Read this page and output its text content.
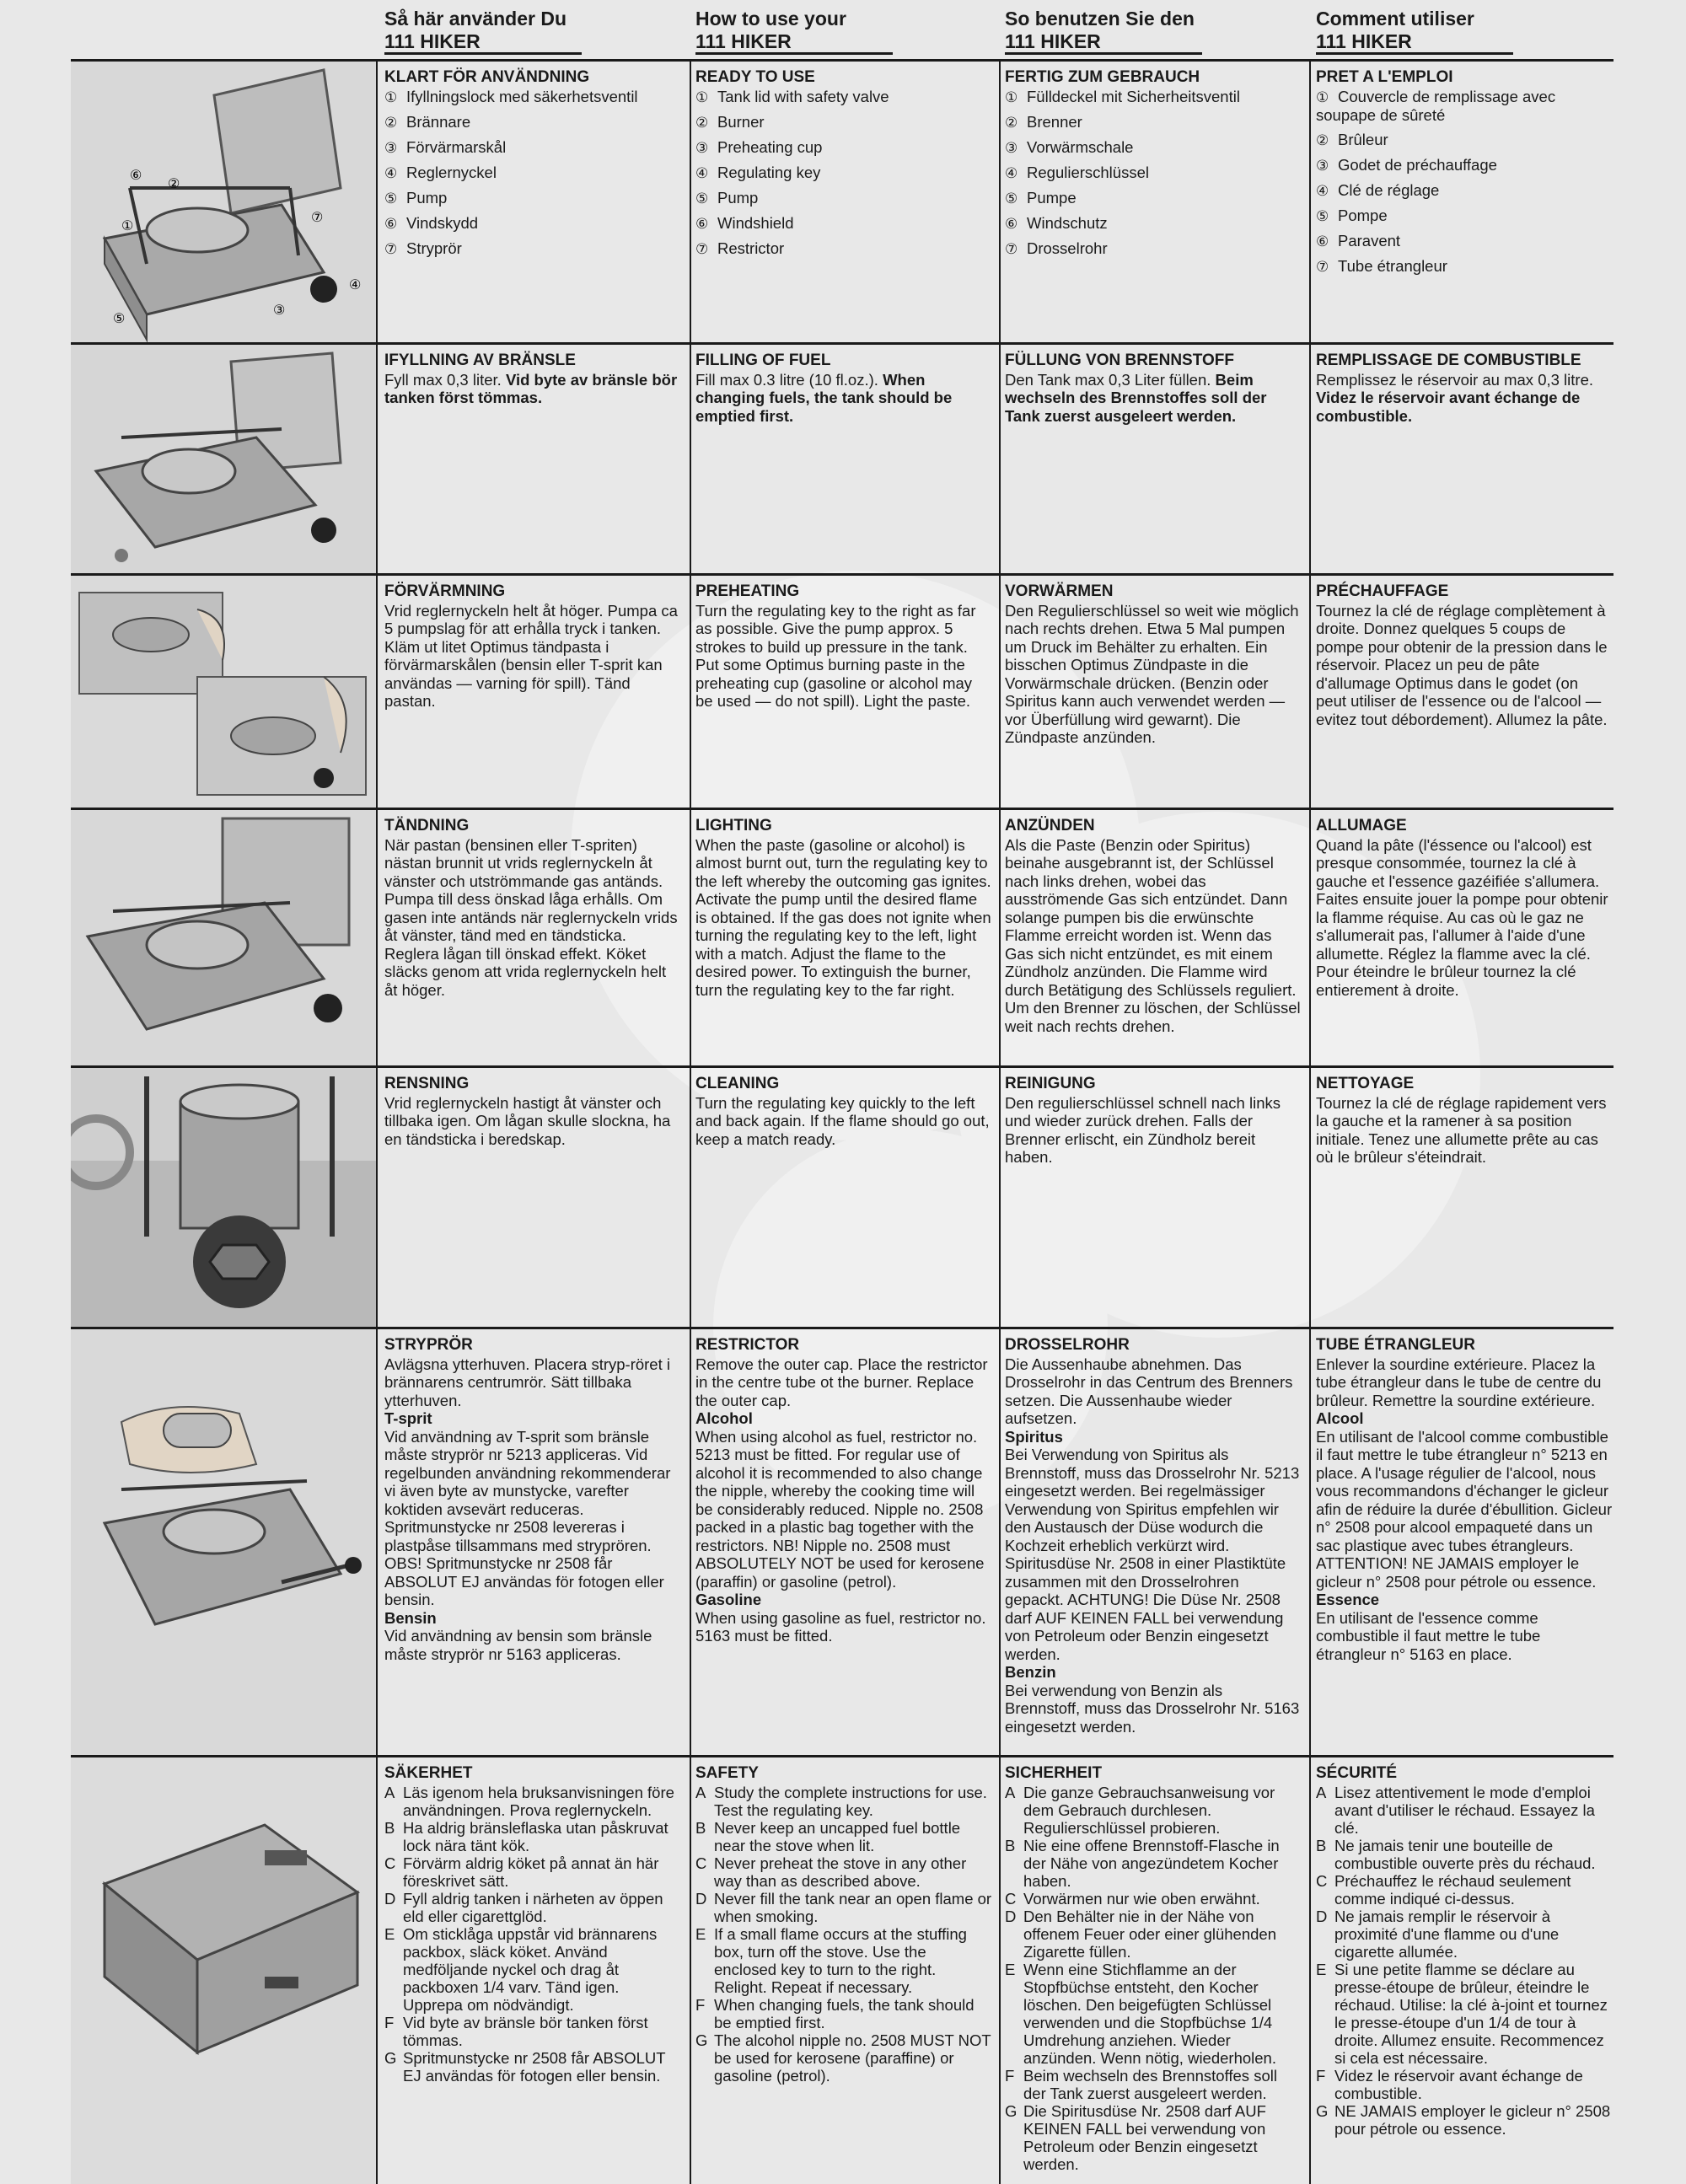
Så här använder Du
111 HIKER
How to use your
111 HIKER
So benutzen Sie den
111 HIKER
Comment utiliser
111 HIKER
①
②
③
④
⑤
⑥
⑦
KLART FÖR ANVÄNDNING
① Ifyllningslock med säkerhetsventil
② Brännare
③ Förvärmarskål
④ Reglernyckel
⑤ Pump
⑥ Vindskydd
⑦ Stryprör
READY TO USE
① Tank lid with safety valve
② Burner
③ Preheating cup
④ Regulating key
⑤ Pump
⑥ Windshield
⑦ Restrictor
FERTIG ZUM GEBRAUCH
① Fülldeckel mit Sicherheitsventil
② Brenner
③ Vorwärmschale
④ Regulierschlüssel
⑤ Pumpe
⑥ Windschutz
⑦ Drosselrohr
PRET A L'EMPLOI
① Couvercle de remplissage avec soupape de sûreté
② Brûleur
③ Godet de préchauffage
④ Clé de réglage
⑤ Pompe
⑥ Paravent
⑦ Tube étrangleur
IFYLLNING AV BRÄNSLE

Fyll max 0,3 liter. Vid byte av bränsle bör tanken först tömmas.

FILLING OF FUEL

Fill max 0.3 litre (10 fl.oz.). When changing fuels, the tank should be emptied first.

FÜLLUNG VON BRENNSTOFF

Den Tank max 0,3 Liter füllen. Beim wechseln des Brennstoffes soll der Tank zuerst ausgeleert werden.

REMPLISSAGE DE COMBUSTIBLE

Remplissez le réservoir au max 0,3 litre. Videz le réservoir avant échange de combustible.

FÖRVÄRMNING

Vrid reglernyckeln helt åt höger. Pumpa ca 5 pumpslag för att erhålla tryck i tanken. Kläm ut litet Optimus tändpasta i förvärmarskålen (bensin eller T-sprit kan användas — varning för spill). Tänd pastan.

PREHEATING

Turn the regulating key to the right as far as possible. Give the pump approx. 5 strokes to build up pressure in the tank. Put some Optimus burning paste in the preheating cup (gasoline or alcohol may be used — do not spill). Light the paste.

VORWÄRMEN

Den Regulierschlüssel so weit wie möglich nach rechts drehen. Etwa 5 Mal pumpen um Druck im Behälter zu erhalten. Ein bisschen Optimus Zündpaste in die Vorwärmschale drücken. (Benzin oder Spiritus kann auch verwendet werden — vor Überfüllung wird gewarnt). Die Zündpaste anzünden.

PRÉCHAUFFAGE

Tournez la clé de réglage complètement à droite. Donnez quelques 5 coups de pompe pour obtenir de la pression dans le réservoir. Placez un peu de pâte d'allumage Optimus dans le godet (on peut utiliser de l'essence ou de l'alcool — evitez tout débordement). Allumez la pâte.

TÄNDNING

När pastan (bensinen eller T-spriten) nästan brunnit ut vrids reglernyckeln åt vänster och utströmmande gas antänds. Pumpa till dess önskad låga erhålls. Om gasen inte antänds när reglernyckeln vrids åt vänster, tänd med en tändsticka. Reglera lågan till önskad effekt. Köket släcks genom att vrida reglernyckeln helt åt höger.

LIGHTING

When the paste (gasoline or alcohol) is almost burnt out, turn the regulating key to the left whereby the outcoming gas ignites. Activate the pump until the desired flame is obtained. If the gas does not ignite when turning the regulating key to the left, light with a match. Adjust the flame to the desired power. To extinguish the burner, turn the regulating key to the far right.

ANZÜNDEN

Als die Paste (Benzin oder Spiritus) beinahe ausgebrannt ist, der Schlüssel nach links drehen, wobei das ausströmende Gas sich entzündet. Dann solange pumpen bis die erwünschte Flamme erreicht worden ist. Wenn das Gas sich nicht entzündet, es mit einem Zündholz anzünden. Die Flamme wird durch Betätigung des Schlüssels reguliert. Um den Brenner zu löschen, der Schlüssel weit nach rechts drehen.

ALLUMAGE

Quand la pâte (l'éssence ou l'alcool) est presque consommée, tournez la clé à gauche et l'essence gazéifiée s'allumera. Faites ensuite jouer la pompe pour obtenir la flamme réquise. Au cas où le gaz ne s'allumerait pas, l'allumer à l'aide d'une allumette. Réglez la flamme avec la clé. Pour éteindre le brûleur tournez la clé entierement à droite.

RENSNING

Vrid reglernyckeln hastigt åt vänster och tillbaka igen. Om lågan skulle slockna, ha en tändsticka i beredskap.

CLEANING

Turn the regulating key quickly to the left and back again. If the flame should go out, keep a match ready.

REINIGUNG

Den regulierschlüssel schnell nach links und wieder zurück drehen. Falls der Brenner erlischt, ein Zündholz bereit haben.

NETTOYAGE

Tournez la clé de réglage rapidement vers la gauche et la ramener à sa position initiale. Tenez une allumette prête au cas où le brûleur s'éteindrait.

STRYPRÖR

Avlägsna ytterhuven. Placera stryp-röret i brännarens centrumrör. Sätt tillbaka ytterhuven.

T-sprit

Vid användning av T-sprit som bränsle måste stryprör nr 5213 appliceras. Vid regelbunden användning rekommenderar vi även byte av munstycke, varefter koktiden avsevärt reduceras. Spritmunstycke nr 2508 levereras i plastpåse tillsammans med stryprören. OBS! Spritmunstycke nr 2508 får ABSOLUT EJ användas för fotogen eller bensin.

Bensin

Vid användning av bensin som bränsle måste stryprör nr 5163 appliceras.

RESTRICTOR

Remove the outer cap. Place the restrictor in the centre tube ot the burner. Replace the outer cap.

Alcohol

When using alcohol as fuel, restrictor no. 5213 must be fitted. For regular use of alcohol it is recommended to also change the nipple, whereby the cooking time will be considerably reduced. Nipple no. 2508 packed in a plastic bag together with the restrictors. NB! Nipple no. 2508 must ABSOLUTELY NOT be used for kerosene (paraffin) or gasoline (petrol).

Gasoline

When using gasoline as fuel, restrictor no. 5163 must be fitted.

DROSSELROHR

Die Aussenhaube abnehmen. Das Drosselrohr in das Centrum des Brenners setzen. Die Aussenhaube wieder aufsetzen.

Spiritus

Bei Verwendung von Spiritus als Brennstoff, muss das Drosselrohr Nr. 5213 eingesetzt werden. Bei regelmässiger Verwendung von Spiritus empfehlen wir den Austausch der Düse wodurch die Kochzeit erheblich verkürzt wird. Spiritusdüse Nr. 2508 in einer Plastiktüte zusammen mit den Drosselrohren gepackt. ACHTUNG! Die Düse Nr. 2508 darf AUF KEINEN FALL bei verwendung von Petroleum oder Benzin eingesetzt werden.

Benzin

Bei verwendung von Benzin als Brennstoff, muss das Drosselrohr Nr. 5163 eingesetzt werden.

TUBE ÉTRANGLEUR

Enlever la sourdine extérieure. Placez la tube étrangleur dans le tube de centre du brûleur. Remettre la sourdine extérieure.

Alcool

En utilisant de l'alcool comme combustible il faut mettre le tube étrangleur n° 5213 en place. A l'usage régulier de l'alcool, nous vous recommandons d'échanger le gicleur afin de réduire la durée d'ébullition. Gicleur n° 2508 pour alcool empaqueté dans un sac plastique avec tubes étrangleurs. ATTENTION! NE JAMAIS employer le gicleur n° 2508 pour pétrole ou essence.

Essence

En utilisant de l'essence comme combustible il faut mettre le tube étrangleur n° 5163 en place.

SÄKERHET
A Läs igenom hela bruksanvisningen före användningen. Prova reglernyckeln.
B Ha aldrig bränsleflaska utan påskruvat lock nära tänt kök.
C Förvärm aldrig köket på annat än här föreskrivet sätt.
D Fyll aldrig tanken i närheten av öppen eld eller cigarettglöd.
E Om sticklåga uppstår vid brännarens packbox, släck köket. Använd medföljande nyckel och drag åt packboxen 1/4 varv. Tänd igen. Upprepa om nödvändigt.
F Vid byte av bränsle bör tanken först tömmas.
G Spritmunstycke nr 2508 får ABSOLUT EJ användas för fotogen eller bensin.
SAFETY
A Study the complete instructions for use. Test the regulating key.
B Never keep an uncapped fuel bottle near the stove when lit.
C Never preheat the stove in any other way than as described above.
D Never fill the tank near an open flame or when smoking.
E If a small flame occurs at the stuffing box, turn off the stove. Use the enclosed key to turn to the right. Relight. Repeat if necessary.
F When changing fuels, the tank should be emptied first.
G The alcohol nipple no. 2508 MUST NOT be used for kerosene (paraffine) or gasoline (petrol).
SICHERHEIT
A Die ganze Gebrauchsanweisung vor dem Gebrauch durchlesen. Regulierschlüssel probieren.
B Nie eine offene Brennstoff-Flasche in der Nähe von angezündetem Kocher haben.
C Vorwärmen nur wie oben erwähnt.
D Den Behälter nie in der Nähe von offenem Feuer oder einer glühenden Zigarette füllen.
E Wenn eine Stichflamme an der Stopfbüchse entsteht, den Kocher löschen. Den beigefügten Schlüssel verwenden und die Stopfbüchse 1/4 Umdrehung anziehen. Wieder anzünden. Wenn nötig, wiederholen.
F Beim wechseln des Brennstoffes soll der Tank zuerst ausgeleert werden.
G Die Spiritusdüse Nr. 2508 darf AUF KEINEN FALL bei verwendung von Petroleum oder Benzin eingesetzt werden.
SÉCURITÉ
A Lisez attentivement le mode d'emploi avant d'utiliser le réchaud. Essayez la clé.
B Ne jamais tenir une bouteille de combustible ouverte près du réchaud.
C Préchauffez le réchaud seulement comme indiqué ci-dessus.
D Ne jamais remplir le réservoir à proximité d'une flamme ou d'une cigarette allumée.
E Si une petite flamme se déclare au presse-étoupe de brûleur, éteindre le réchaud. Utilise: la clé à-joint et tournez le presse-étoupe d'un 1/4 de tour à droite. Allumez ensuite. Recommencez si cela est nécessaire.
F Videz le réservoir avant échange de combustible.
G NE JAMAIS employer le gicleur n° 2508 pour pétrole ou essence.
